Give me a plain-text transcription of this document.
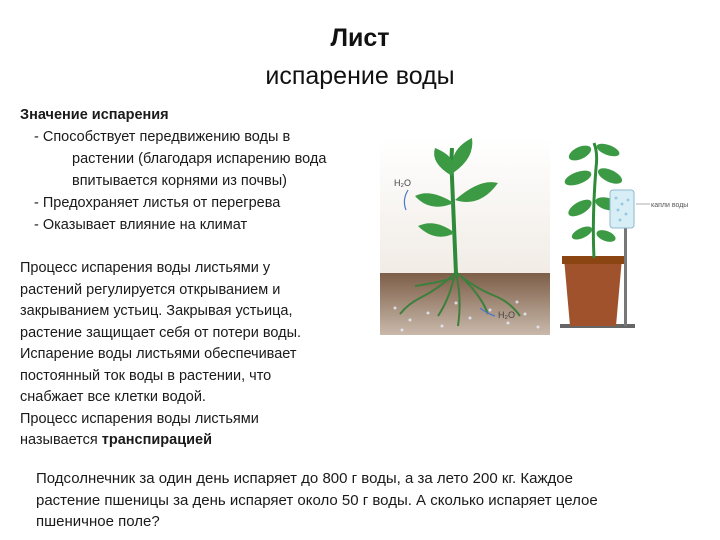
Лист
испарение воды
Значение испарения
- Способствует передвижению воды в
растении (благодаря испарению вода
впитывается корнями из почвы)
- Предохраняет листья от перегрева
- Оказывает влияние на климат
Процесс испарения воды листьями у
растений регулируется открыванием и
закрыванием устьиц. Закрывая устьица,
растение защищает себя от потери воды.
Испарение воды листьями обеспечивает
постоянный ток воды в растении, что
снабжает все клетки водой.
Процесс испарения воды листьями
называется транспирацией
Подсолнечник за один день испаряет до 800 г воды, а за лето 200 кг. Каждое
растение пшеницы за день испаряет около 50 г воды. А сколько испаряет целое
пшеничное поле?
H₂O
H₂O
капли воды
